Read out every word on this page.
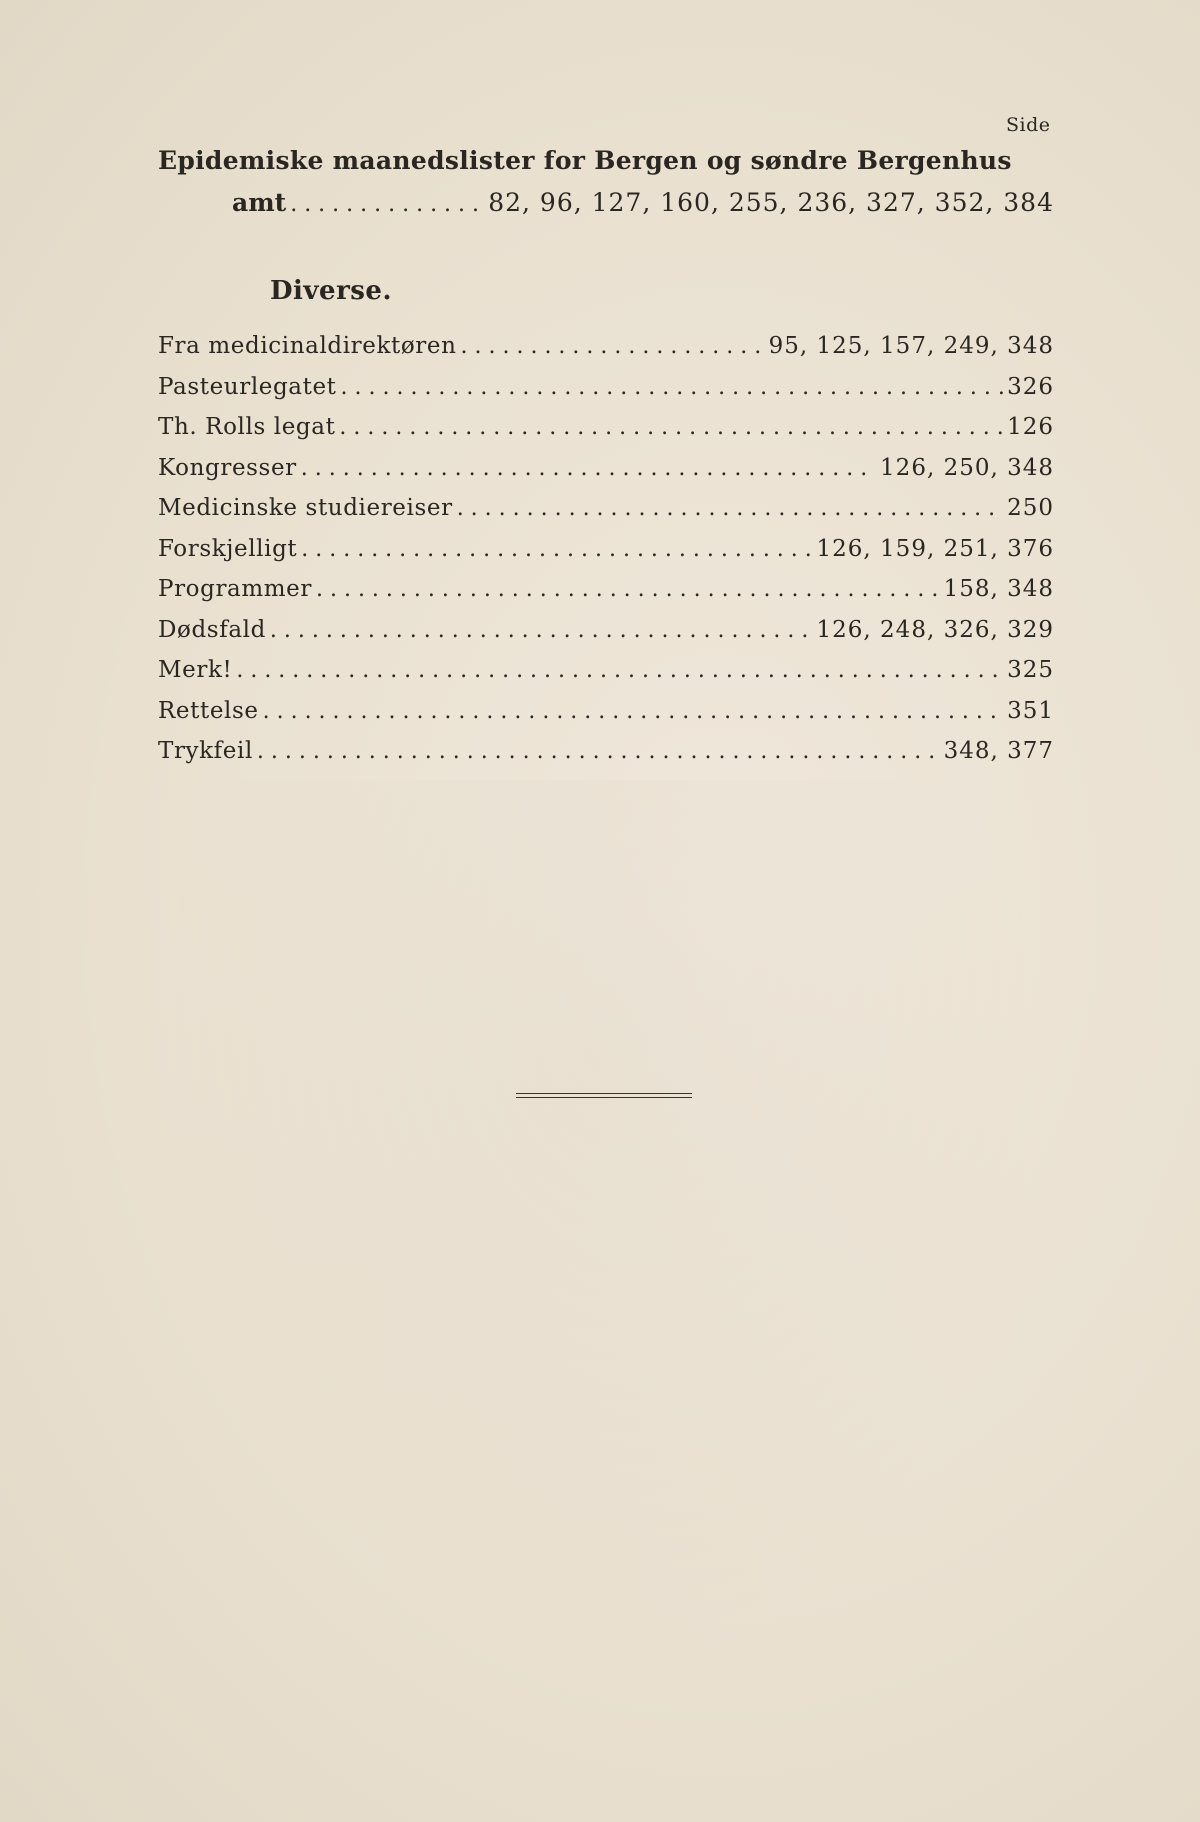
Side
Epidemiske maanedslister for Bergen og søndre Bergenhus
amt . . .	82, 96, 127, 160, 255, 236, 327, 352, 384
Diverse.
Fra medicinaldirektøren . . .	95, 125, 157, 249, 348
Pasteurlegatet . . .	326
Th. Rolls legat . . .	126
Kongresser . . .	126, 250, 348
Medicinske studiereiser . . .	250
Forskjelligt . . .	126, 159, 251, 376
Programmer . . .	158, 348
Dødsfald . . .	126, 248, 326, 329
Merk! . . .	325
Rettelse . . .	351
Trykfeil . . .	348, 377
